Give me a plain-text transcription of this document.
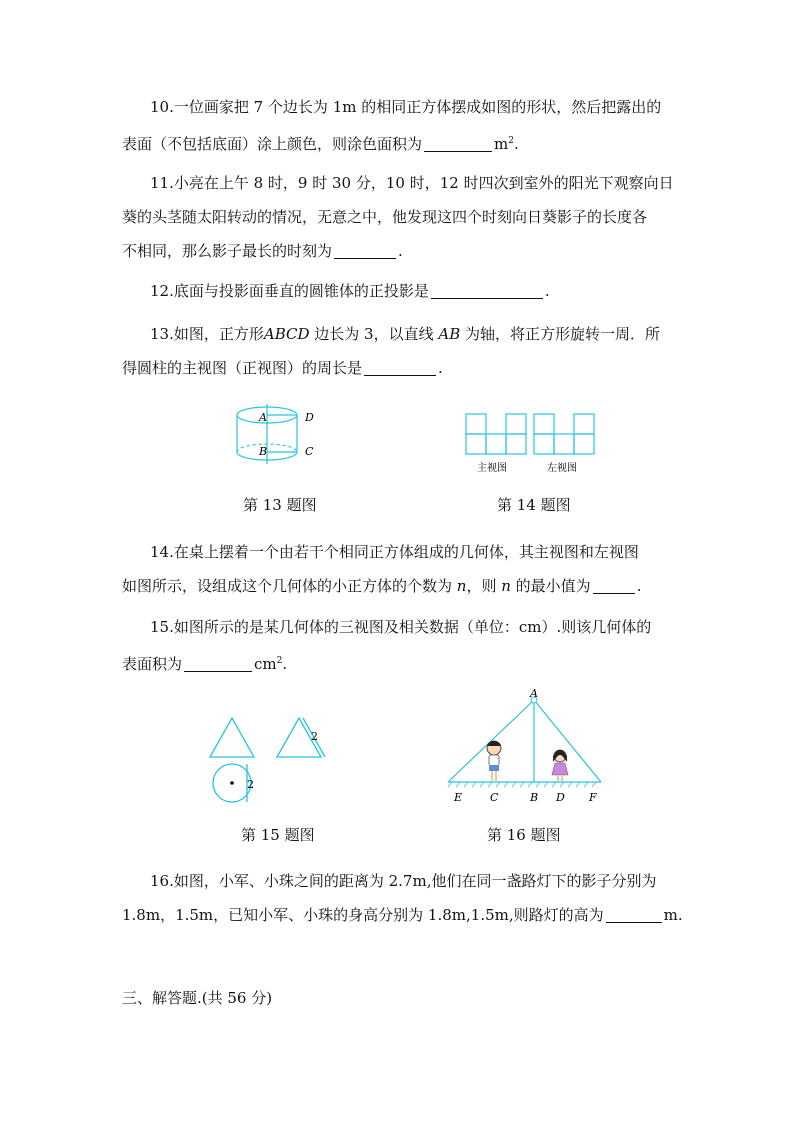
10.一位画家把 7 个边长为 1m 的相同正方体摆成如图的形状，然后把露出的
表面（不包括底面）涂上颜色，则涂色面积为	$m^2$.
11.小亮在上午 8 时，9 时 30 分，10 时，12 时四次到室外的阳光下观察向日
葵的头茎随太阳转动的情况，无意之中，他发现这四个时刻向日葵影子的长度各
不相同，那么影子最长的时刻为	.
12.底面与投影面垂直的圆锥体的正投影是	.
13.如图，正方形ABCD 边长为 3，以直线 AB 为轴，将正方形旋转一周．所
得圆柱的主视图（正视图）的周长是	.
A	D
B	C
主视图	左视图
第 13 题图	第 14 题图
14.在桌上摆着一个由若干个相同正方体组成的几何体，其主视图和左视图
如图所示，设组成这个几何体的小正方体的个数为 n，则 n 的最小值为	.
15.如图所示的是某几何体的三视图及相关数据（单位：cm）.则该几何体的
表面积为	$cm^2$.
2
2
A
E	C	B D F
第 15 题图	第 16 题图
16.如图，小军、小珠之间的距离为 2.7m,他们在同一盏路灯下的影子分别为
1.8m，1.5m，已知小军、小珠的身高分别为 1.8m,1.5m,则路灯的高为	m.
三、解答题.(共 56 分)
